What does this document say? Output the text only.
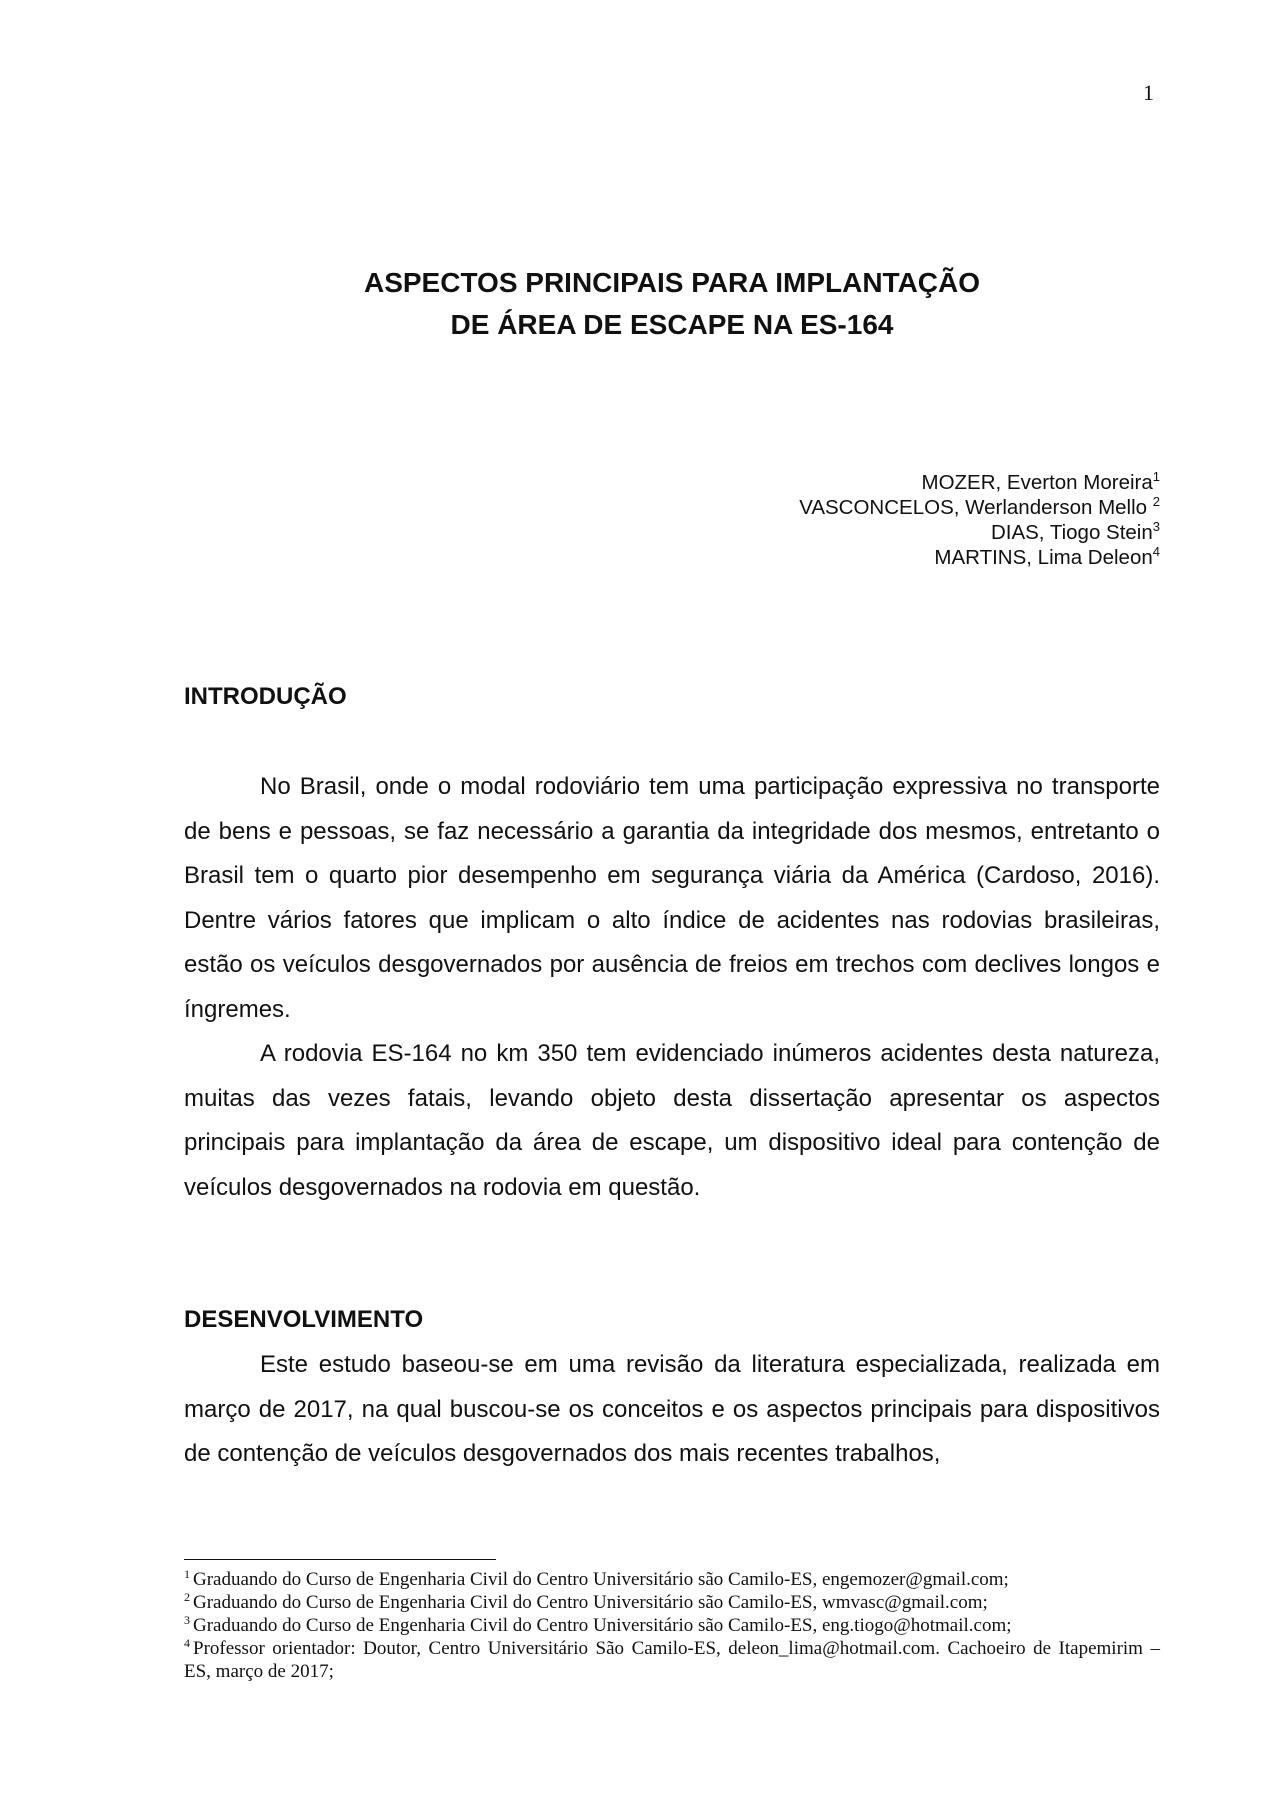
1
ASPECTOS PRINCIPAIS PARA IMPLANTAÇÃO
DE ÁREA DE ESCAPE NA ES-164
MOZER, Everton Moreira$^1$
VASCONCELOS, Werlanderson Mello $^2$
DIAS, Tiogo Stein$^3$
MARTINS, Lima Deleon$^4$
INTRODUÇÃO

No Brasil, onde o modal rodoviário tem uma participação expressiva no transporte de bens e pessoas, se faz necessário a garantia da integridade dos mesmos, entretanto o Brasil tem o quarto pior desempenho em segurança viária da América (Cardoso, 2016). Dentre vários fatores que implicam o alto índice de acidentes nas rodovias brasileiras, estão os veículos desgovernados por ausência de freios em trechos com declives longos e íngremes.

A rodovia ES-164 no km 350 tem evidenciado inúmeros acidentes desta natureza, muitas das vezes fatais, levando objeto desta dissertação apresentar os aspectos principais para implantação da área de escape, um dispositivo ideal para contenção de veículos desgovernados na rodovia em questão.

DESENVOLVIMENTO

Este estudo baseou-se em uma revisão da literatura especializada, realizada em março de 2017, na qual buscou-se os conceitos e os aspectos principais para dispositivos de contenção de veículos desgovernados dos mais recentes trabalhos,

$^1$ Graduando do Curso de Engenharia Civil do Centro Universitário são Camilo-ES, engemozer@gmail.com;

$^2$ Graduando do Curso de Engenharia Civil do Centro Universitário são Camilo-ES, wmvasc@gmail.com;

$^3$ Graduando do Curso de Engenharia Civil do Centro Universitário são Camilo-ES, eng.tiogo@hotmail.com;

$^4$ Professor orientador: Doutor, Centro Universitário São Camilo-ES, deleon_lima@hotmail.com. Cachoeiro de Itapemirim – ES, março de 2017;
